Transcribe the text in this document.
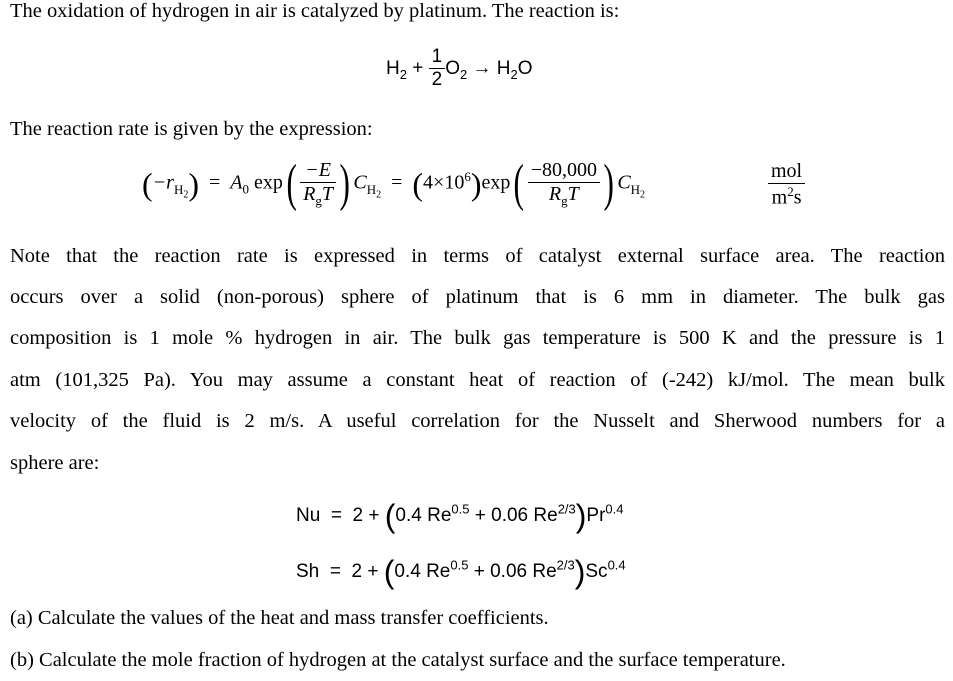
The oxidation of hydrogen in air is catalyzed by platinum. The reaction is:
$H_2 + \frac{1}{2} O_2 \to H_2O$
The reaction rate is given by the expression:
$(-r_{H_2}) = A_0$ $\exp( \frac{-E}{R_gT}$ ) $C_{H_2} = (4\times 10^6)\exp( \frac{-80,000}{R_gT}$ ) $C_{H_2}$	$\frac{\text{mol}}{m^2s}$
Note that the reaction rate is expressed in terms of catalyst external surface area. The reaction
occurs over a solid (non-porous) sphere of platinum that is 6 mm in diameter. The bulk gas
composition is 1 mole % hydrogen in air. The bulk gas temperature is 500 K and the pressure is 1
atm (101,325 Pa). You may assume a constant heat of reaction of (-242) kJ/mol. The mean bulk
velocity of the fluid is 2 m/s. A useful correlation for the Nusselt and Sherwood numbers for a
sphere are:
Nu = 2 + (0.4 $Re^{0.5} + 0.06$ $Re^{2/3})Pr^{0.4}$
Sh = 2 + (0.4 $Re^{0.5} + 0.06$ $Re^{2/3})Sc^{0.4}$
(a) Calculate the values of the heat and mass transfer coefficients.
(b) Calculate the mole fraction of hydrogen at the catalyst surface and the surface temperature.
